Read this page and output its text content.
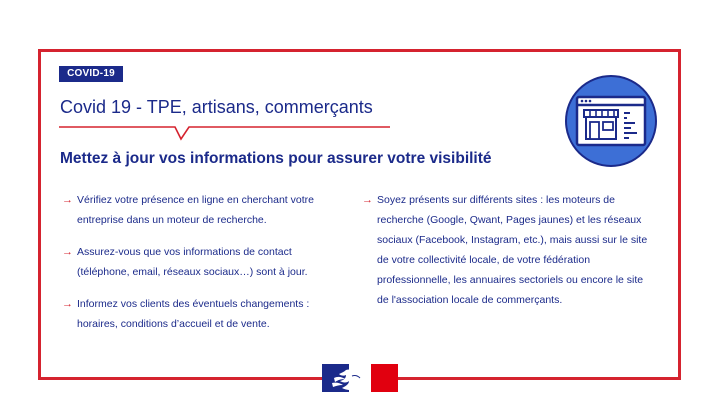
COVID-19
Covid 19 - TPE, artisans, commerçants
Mettez à jour vos informations pour assurer votre visibilité
→ Vérifiez votre présence en ligne en cherchant votre entreprise dans un moteur de recherche.
→ Assurez-vous que vos informations de contact (téléphone, email, réseaux sociaux…) sont à jour.
→ Informez vos clients des éventuels changements : horaires, conditions d’accueil et de vente.
→ Soyez présents sur différents sites : les moteurs de recherche (Google, Qwant, Pages jaunes) et les réseaux sociaux (Facebook, Instagram, etc.), mais aussi sur le site de votre collectivité locale, de votre fédération professionnelle, les annuaires sectoriels ou encore le site de l'association locale de commerçants.
